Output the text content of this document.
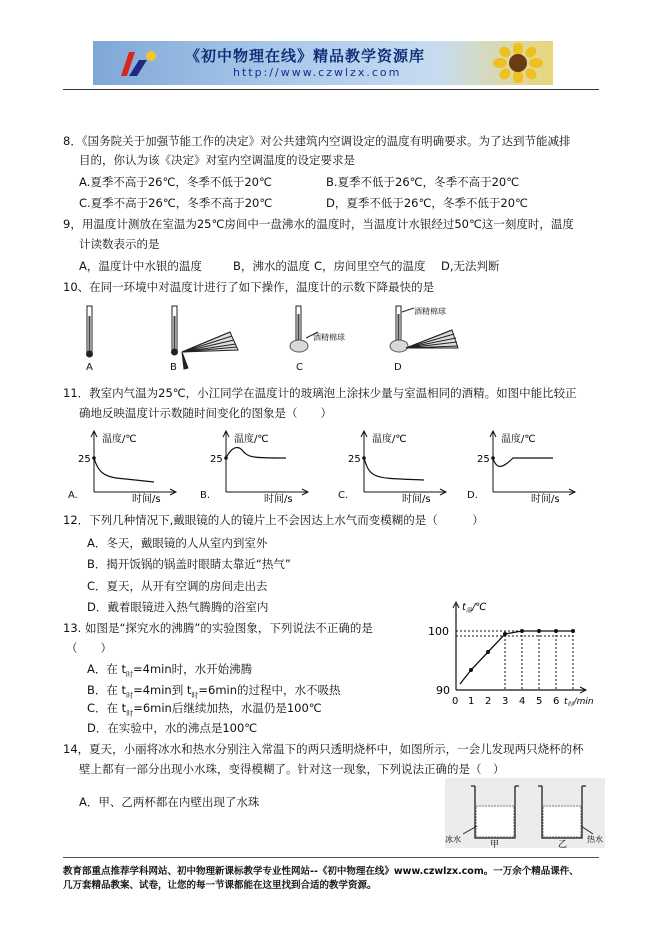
《初中物理在线》精品教学资源库
http://www.czwlzx.com
8．《国务院关于加强节能工作的决定》对公共建筑内空调设定的温度有明确要求。为了达到节能减排
目的，你认为该《决定》对室内空调温度的设定要求是
A.夏季不高于26℃，冬季不低于20℃	B.夏季不低于26℃，冬季不高于20℃
C.夏季不高于26℃，冬季不高于20℃	D，夏季不低于26℃，冬季不低于20℃
9，用温度计测放在室温为25℃房间中一盘沸水的温度时，当温度计水银经过50℃这一刻度时，温度
计读数表示的是
A，温度计中水银的温度	B，沸水的温度 C，房间里空气的温度 D,无法判断
10、在同一环境中对温度计进行了如下操作，温度计的示数下降最快的是
酒精棉球
酒精棉球
A	B	C	D
11．教室内气温为25℃，小江同学在温度计的玻璃泡上涂抹少量与室温相同的酒精。如图中能比较正
确地反映温度计示数随时间变化的图象是（　　）
温度/℃
25
时间/s
A.
温度/℃
25
时间/s
B.
温度/℃
25
时间/s
C.
温度/℃
25
时间/s
D.
12．下列几种情况下,戴眼镜的人的镜片上不会因达上水气而变模糊的是（　　　）
A．冬天，戴眼镜的人从室内到室外
B．揭开饭锅的锅盖时眼睛太靠近“热气”
C．夏天，从开有空调的房间走出去
D．戴着眼镜进入热气腾腾的浴室内
13. 如图是“探究水的沸腾”的实验图象，下列说法不正确的是
（　　）
A．在 $t_时=4\min$时，水开始沸腾
B．在 $t_时=4\min$到 $t_时=6\min$的过程中，水不吸热
C．在 $t_时=6\min$后继续加热，水温仍是100℃
D．在实验中，水的沸点是100℃
$t_温/℃$
100
90
$t_时/\min$
0 1 2 3 4 5 6
14，夏天，小丽将冰水和热水分别注入常温下的两只透明烧杯中，如图所示，一会儿发现两只烧杯的杯
壁上都有一部分出现小水珠，变得模糊了。针对这一现象，下列说法正确的是（　）
A．甲、乙两杯都在内壁出现了水珠
冰水	热水
甲	乙
教育部重点推荐学科网站、初中物理新课标教学专业性网站--《初中物理在线》www.czwlzx.com。一万余个精品课件、
几万套精品教案、试卷，让您的每一节课都能在这里找到合适的教学资源。
